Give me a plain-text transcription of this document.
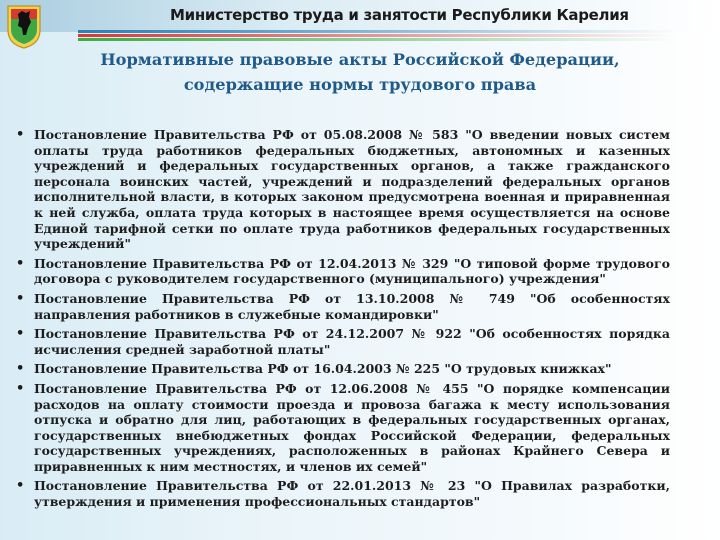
Министерство труда и занятости Республики Карелия
Нормативные правовые акты Российской Федерации,
содержащие нормы трудового права
• Постановление Правительства РФ от 05.08.2008 № 583 "О введении новых систем оплаты труда работников федеральных бюджетных, автономных и казенных учреждений и федеральных государственных органов, а также гражданского персонала воинских частей, учреждений и подразделений федеральных органов исполнительной власти, в которых законом предусмотрена военная и приравненная к ней служба, оплата труда которых в настоящее время осуществляется на основе Единой тарифной сетки по оплате труда работников федеральных государственных учреждений"
• Постановление Правительства РФ от 12.04.2013 № 329 "О типовой форме трудового договора с руководителем государственного (муниципального) учреждения"
• Постановление Правительства РФ от 13.10.2008 № 749 "Об особенностях направления работников в служебные командировки"
• Постановление Правительства РФ от 24.12.2007 № 922 "Об особенностях порядка исчисления средней заработной платы"
• Постановление Правительства РФ от 16.04.2003 № 225 "О трудовых книжках"
• Постановление Правительства РФ от 12.06.2008 № 455 "О порядке компенсации расходов на оплату стоимости проезда и провоза багажа к месту использования отпуска и обратно для лиц, работающих в федеральных государственных органах, государственных внебюджетных фондах Российской Федерации, федеральных государственных учреждениях, расположенных в районах Крайнего Севера и приравненных к ним местностях, и членов их семей"
• Постановление Правительства РФ от 22.01.2013 № 23 "О Правилах разработки, утверждения и применения профессиональных стандартов"
